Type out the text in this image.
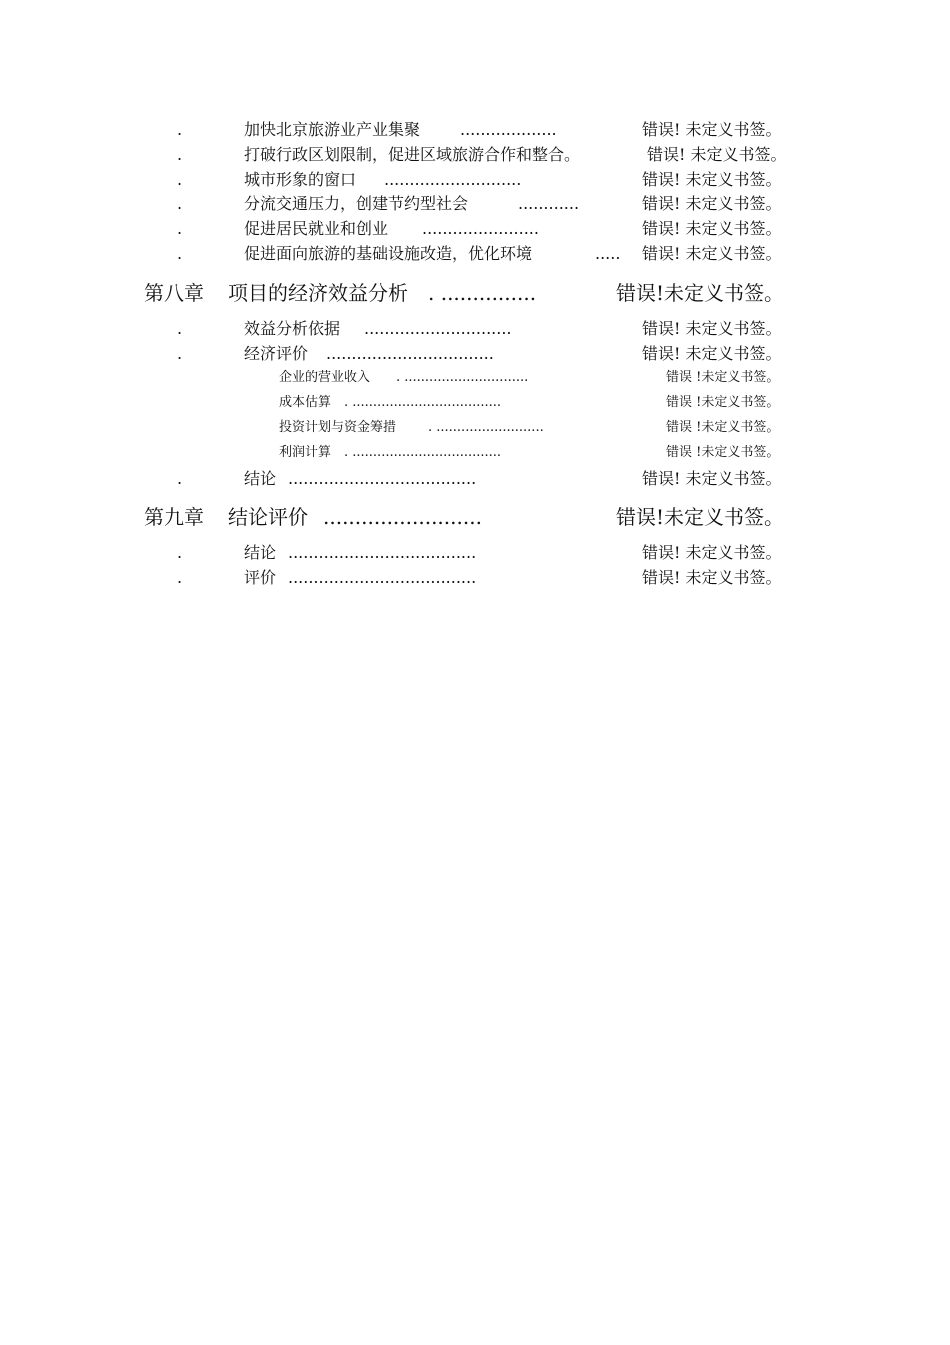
.	加快北京旅游业产业集聚 ...................	错误! 未定义书签。
.	打破行政区划限制，促进区域旅游合作和整合。	错误! 未定义书签。
.	城市形象的窗口 ...........................	错误! 未定义书签。
.	分流交通压力，创建节约型社会	............	错误! 未定义书签。
.	促进居民就业和创业 .......................	错误! 未定义书签。
.	促进面向旅游的基础设施改造，优化环境	..... 错误! 未定义书签。
第八章 项目的经济效益分析 . ...............	错误!未定义书签。
.	效益分析依据 .............................	错误! 未定义书签。
.	经济评价 .................................	错误! 未定义书签。
企业的营业收入 . ..............................	错误 !未定义书签。
成本估算 . ....................................	错误 !未定义书签。
投资计划与资金筹措 . ..........................	错误 !未定义书签。
利润计算 . ....................................	错误 !未定义书签。
.	结论 .....................................	错误! 未定义书签。
第九章 结论评价 .........................	错误!未定义书签。
.	结论 .....................................	错误! 未定义书签。
.	评价 .....................................	错误! 未定义书签。
